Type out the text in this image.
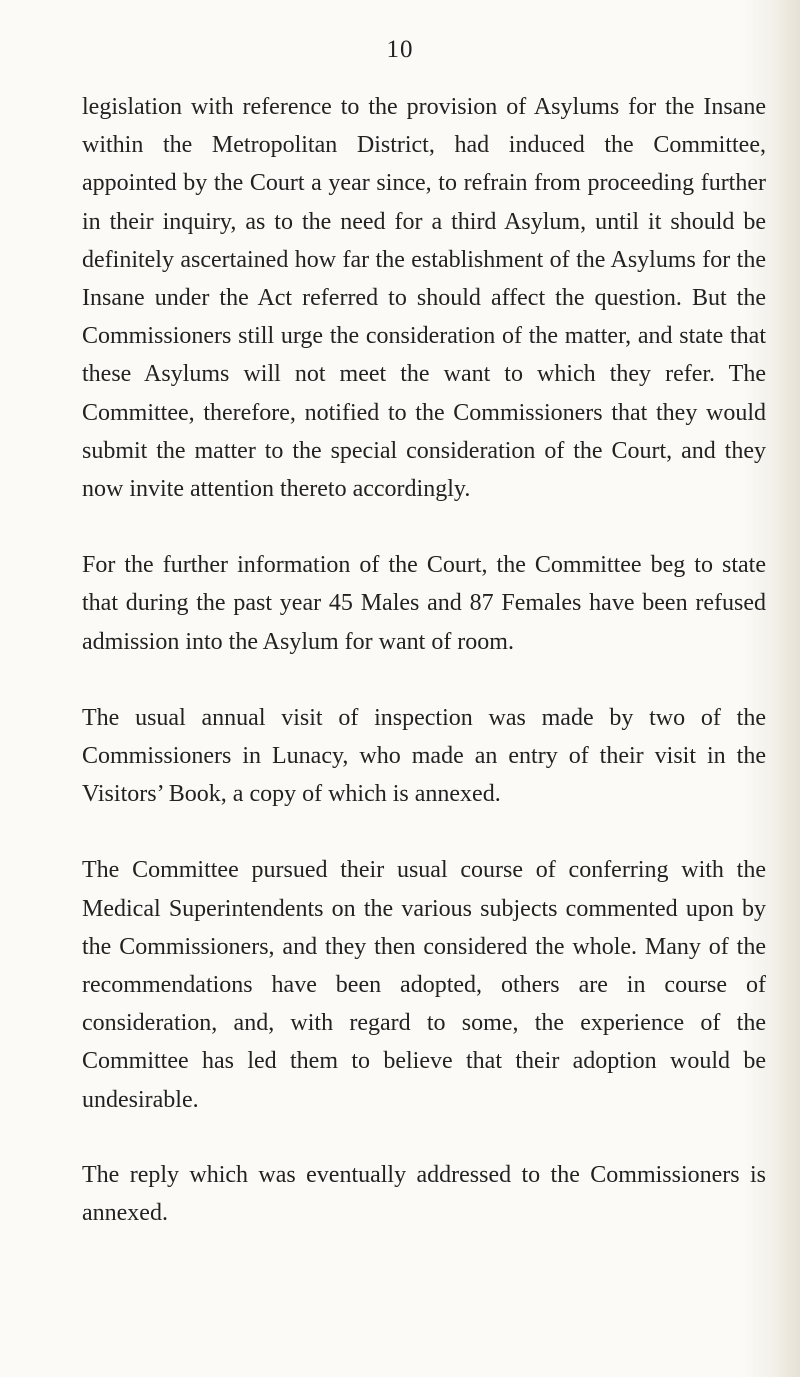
10

legislation with reference to the provision of Asylums for the Insane within the Metropolitan District, had induced the Committee, appointed by the Court a year since, to refrain from proceeding further in their inquiry, as to the need for a third Asylum, until it should be definitely ascertained how far the establishment of the Asylums for the Insane under the Act referred to should affect the question. But the Commissioners still urge the consideration of the matter, and state that these Asylums will not meet the want to which they refer. The Committee, therefore, notified to the Commissioners that they would submit the matter to the special consideration of the Court, and they now invite attention thereto accordingly.

For the further information of the Court, the Committee beg to state that during the past year 45 Males and 87 Females have been refused admission into the Asylum for want of room.

The usual annual visit of inspection was made by two of the Commissioners in Lunacy, who made an entry of their visit in the Visitors’ Book, a copy of which is annexed.

The Committee pursued their usual course of conferring with the Medical Superintendents on the various subjects commented upon by the Commissioners, and they then considered the whole. Many of the recommendations have been adopted, others are in course of consideration, and, with regard to some, the experience of the Committee has led them to believe that their adoption would be undesirable.

The reply which was eventually addressed to the Commissioners is annexed.
